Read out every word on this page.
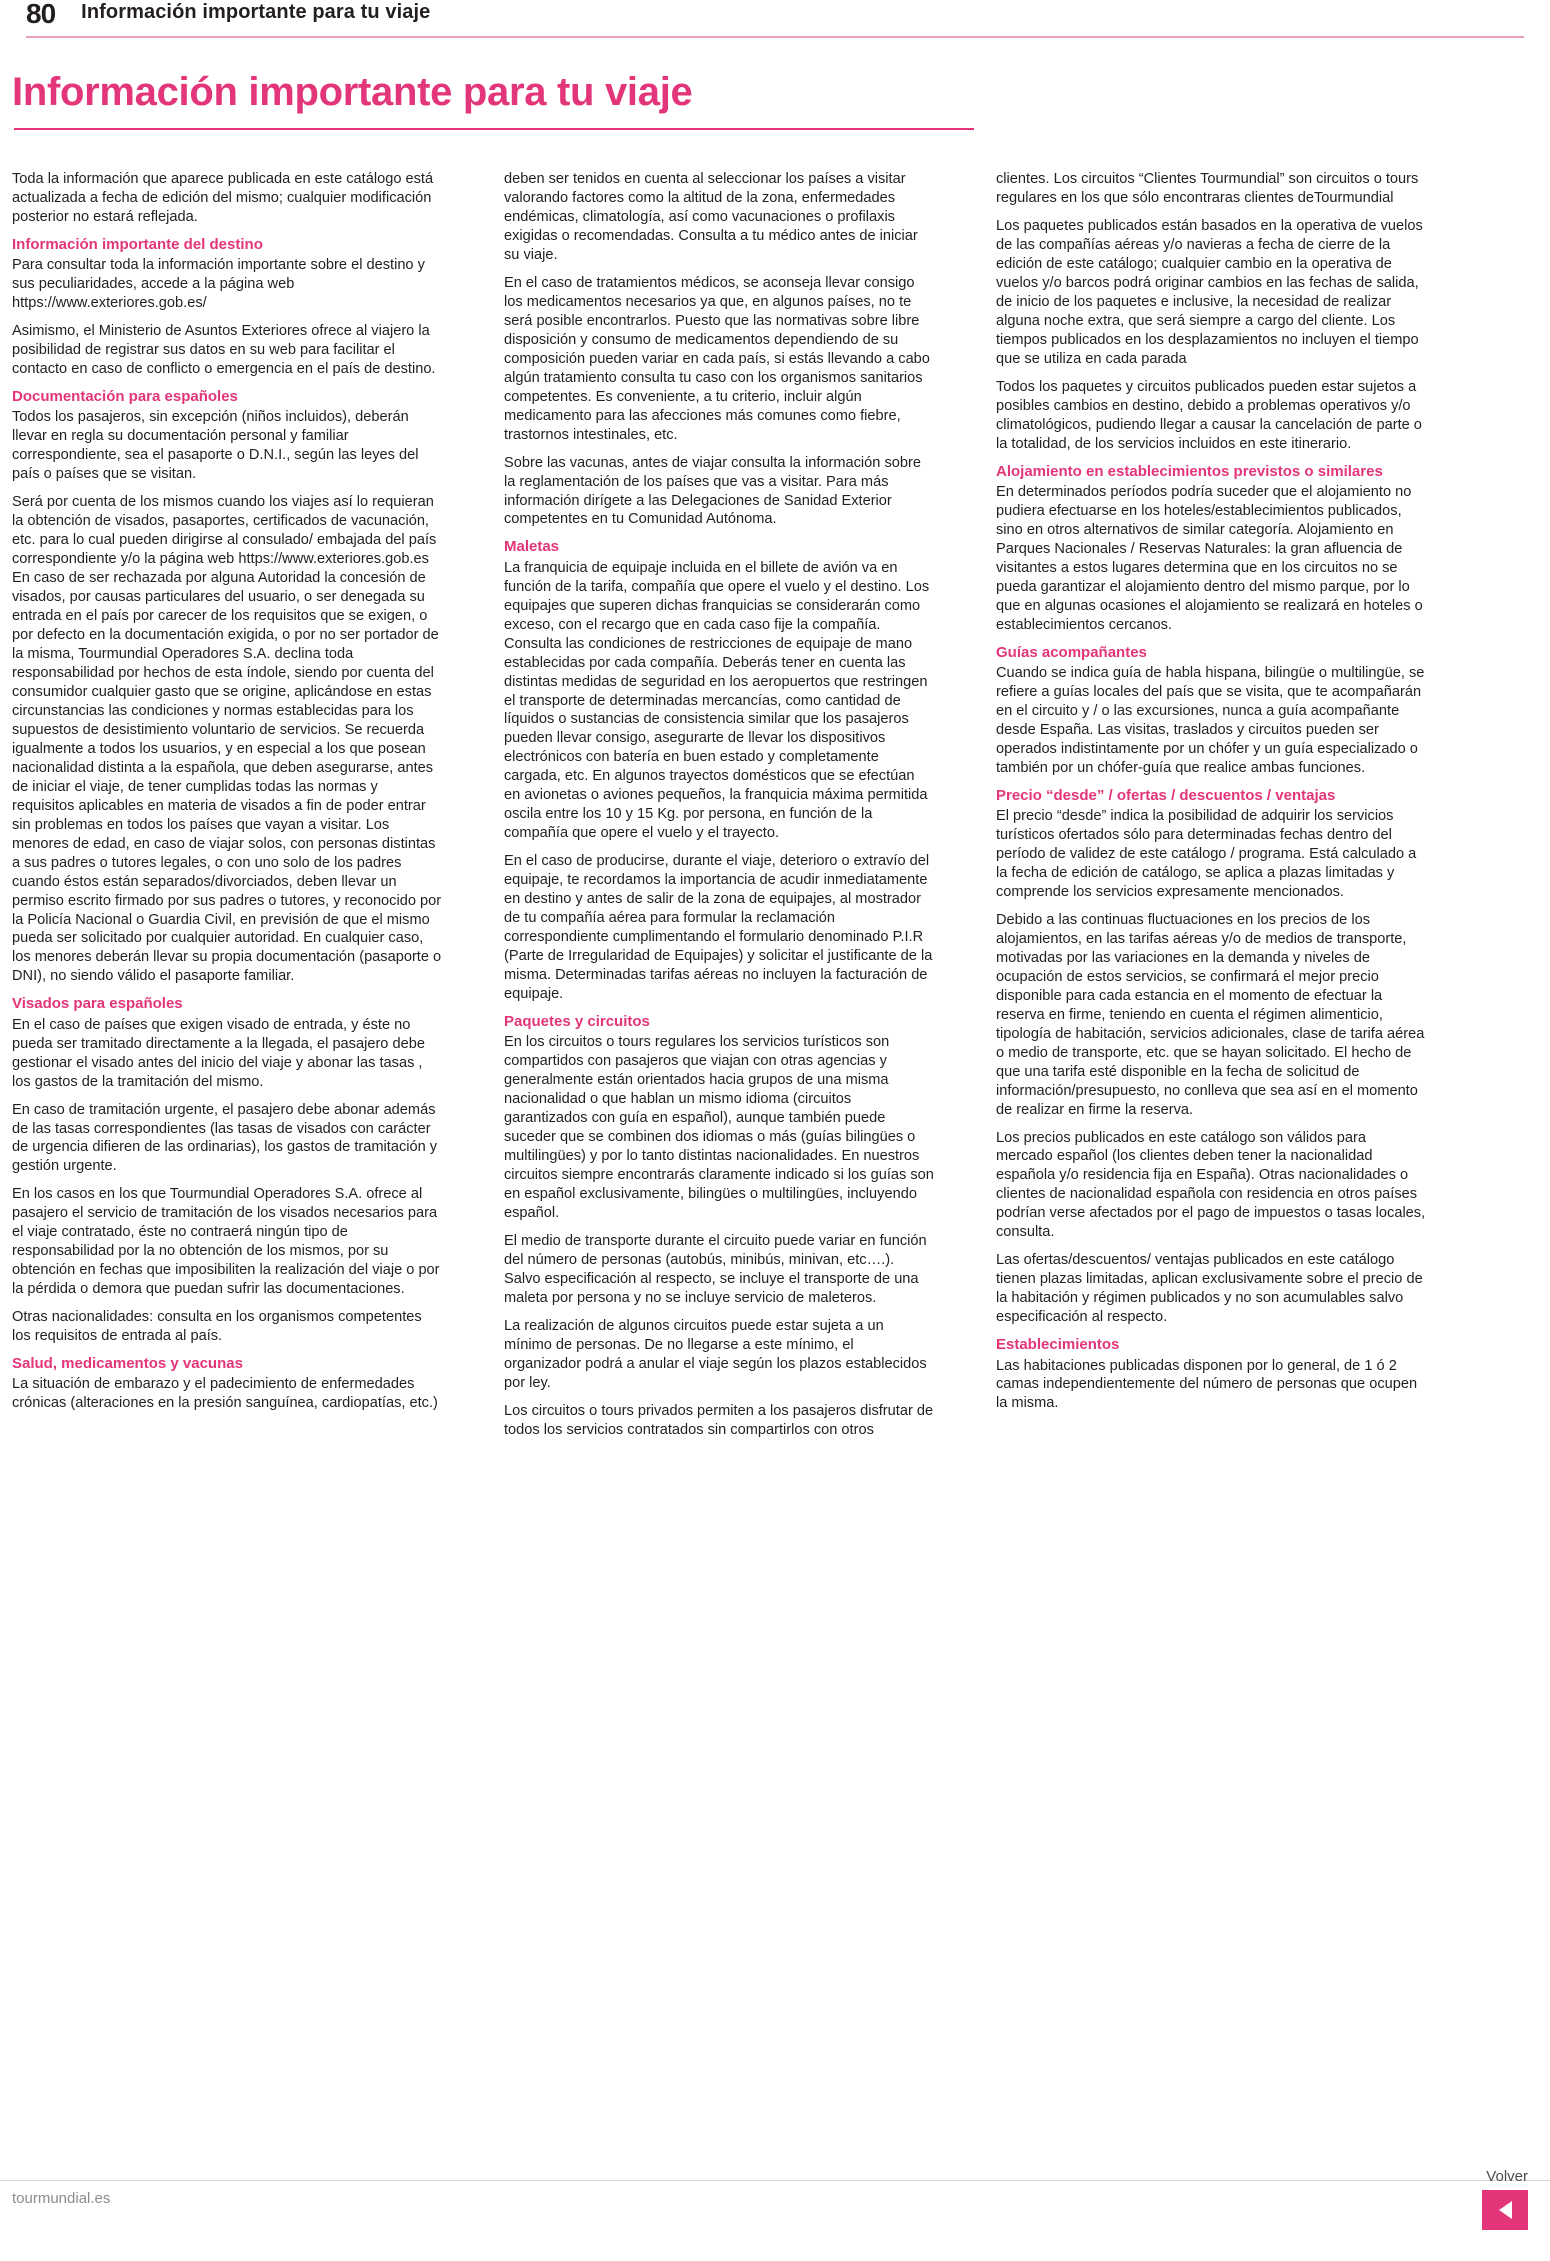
80 Información importante para tu viaje
Información importante para tu viaje

Toda la información que aparece publicada en este catálogo está actualizada a fecha de edición del mismo; cualquier modificación posterior no estará reflejada.

Información importante del destino

Para consultar toda la información importante sobre el destino y sus peculiaridades, accede a la página web https://www.exteriores.gob.es/

Asimismo, el Ministerio de Asuntos Exteriores ofrece al viajero la posibilidad de registrar sus datos en su web para facilitar el contacto en caso de conflicto o emergencia en el país de destino.

Documentación para españoles

Todos los pasajeros, sin excepción (niños incluidos), deberán llevar en regla su documentación personal y familiar correspondiente, sea el pasaporte o D.N.I., según las leyes del país o países que se visitan.

Será por cuenta de los mismos cuando los viajes así lo requieran la obtención de visados, pasaportes, certificados de vacunación, etc. para lo cual pueden dirigirse al consulado/ embajada del país correspondiente y/o la página web https://www.exteriores.gob.es En caso de ser rechazada por alguna Autoridad la concesión de visados, por causas particulares del usuario, o ser denegada su entrada en el país por carecer de los requisitos que se exigen, o por defecto en la documentación exigida, o por no ser portador de la misma, Tourmundial Operadores S.A. declina toda responsabilidad por hechos de esta índole, siendo por cuenta del consumidor cualquier gasto que se origine, aplicándose en estas circunstancias las condiciones y normas establecidas para los supuestos de desistimiento voluntario de servicios. Se recuerda igualmente a todos los usuarios, y en especial a los que posean nacionalidad distinta a la española, que deben asegurarse, antes de iniciar el viaje, de tener cumplidas todas las normas y requisitos aplicables en materia de visados a fin de poder entrar sin problemas en todos los países que vayan a visitar. Los menores de edad, en caso de viajar solos, con personas distintas a sus padres o tutores legales, o con uno solo de los padres cuando éstos están separados/divorciados, deben llevar un permiso escrito firmado por sus padres o tutores, y reconocido por la Policía Nacional o Guardia Civil, en previsión de que el mismo pueda ser solicitado por cualquier autoridad. En cualquier caso, los menores deberán llevar su propia documentación (pasaporte o DNI), no siendo válido el pasaporte familiar.

Visados para españoles

En el caso de países que exigen visado de entrada, y éste no pueda ser tramitado directamente a la llegada, el pasajero debe gestionar el visado antes del inicio del viaje y abonar las tasas , los gastos de la tramitación del mismo.

En caso de tramitación urgente, el pasajero debe abonar además de las tasas correspondientes (las tasas de visados con carácter de urgencia difieren de las ordinarias), los gastos de tramitación y gestión urgente.

En los casos en los que Tourmundial Operadores S.A. ofrece al pasajero el servicio de tramitación de los visados necesarios para el viaje contratado, éste no contraerá ningún tipo de responsabilidad por la no obtención de los mismos, por su obtención en fechas que imposibiliten la realización del viaje o por la pérdida o demora que puedan sufrir las documentaciones.

Otras nacionalidades: consulta en los organismos competentes los requisitos de entrada al país.

Salud, medicamentos y vacunas

La situación de embarazo y el padecimiento de enfermedades crónicas (alteraciones en la presión sanguínea, cardiopatías, etc.)

deben ser tenidos en cuenta al seleccionar los países a visitar valorando factores como la altitud de la zona, enfermedades endémicas, climatología, así como vacunaciones o profilaxis exigidas o recomendadas. Consulta a tu médico antes de iniciar su viaje.

En el caso de tratamientos médicos, se aconseja llevar consigo los medicamentos necesarios ya que, en algunos países, no te será posible encontrarlos. Puesto que las normativas sobre libre disposición y consumo de medicamentos dependiendo de su composición pueden variar en cada país, si estás llevando a cabo algún tratamiento consulta tu caso con los organismos sanitarios competentes. Es conveniente, a tu criterio, incluir algún medicamento para las afecciones más comunes como fiebre, trastornos intestinales, etc.

Sobre las vacunas, antes de viajar consulta la información sobre la reglamentación de los países que vas a visitar. Para más información dirígete a las Delegaciones de Sanidad Exterior competentes en tu Comunidad Autónoma.

Maletas

La franquicia de equipaje incluida en el billete de avión va en función de la tarifa, compañía que opere el vuelo y el destino. Los equipajes que superen dichas franquicias se considerarán como exceso, con el recargo que en cada caso fije la compañía. Consulta las condiciones de restricciones de equipaje de mano establecidas por cada compañía. Deberás tener en cuenta las distintas medidas de seguridad en los aeropuertos que restringen el transporte de determinadas mercancías, como cantidad de líquidos o sustancias de consistencia similar que los pasajeros pueden llevar consigo, asegurarte de llevar los dispositivos electrónicos con batería en buen estado y completamente cargada, etc. En algunos trayectos domésticos que se efectúan en avionetas o aviones pequeños, la franquicia máxima permitida oscila entre los 10 y 15 Kg. por persona, en función de la compañía que opere el vuelo y el trayecto.

En el caso de producirse, durante el viaje, deterioro o extravío del equipaje, te recordamos la importancia de acudir inmediatamente en destino y antes de salir de la zona de equipajes, al mostrador de tu compañía aérea para formular la reclamación correspondiente cumplimentando el formulario denominado P.I.R (Parte de Irregularidad de Equipajes) y solicitar el justificante de la misma. Determinadas tarifas aéreas no incluyen la facturación de equipaje.

Paquetes y circuitos

En los circuitos o tours regulares los servicios turísticos son compartidos con pasajeros que viajan con otras agencias y generalmente están orientados hacia grupos de una misma nacionalidad o que hablan un mismo idioma (circuitos garantizados con guía en español), aunque también puede suceder que se combinen dos idiomas o más (guías bilingües o multilingües) y por lo tanto distintas nacionalidades. En nuestros circuitos siempre encontrarás claramente indicado si los guías son en español exclusivamente, bilingües o multilingües, incluyendo español.

El medio de transporte durante el circuito puede variar en función del número de personas (autobús, minibús, minivan, etc….). Salvo especificación al respecto, se incluye el transporte de una maleta por persona y no se incluye servicio de maleteros.

La realización de algunos circuitos puede estar sujeta a un mínimo de personas. De no llegarse a este mínimo, el organizador podrá a anular el viaje según los plazos establecidos por ley.

Los circuitos o tours privados permiten a los pasajeros disfrutar de todos los servicios contratados sin compartirlos con otros

clientes. Los circuitos “Clientes Tourmundial” son circuitos o tours regulares en los que sólo encontraras clientes deTourmundial

Los paquetes publicados están basados en la operativa de vuelos de las compañías aéreas y/o navieras a fecha de cierre de la edición de este catálogo; cualquier cambio en la operativa de vuelos y/o barcos podrá originar cambios en las fechas de salida, de inicio de los paquetes e inclusive, la necesidad de realizar alguna noche extra, que será siempre a cargo del cliente. Los tiempos publicados en los desplazamientos no incluyen el tiempo que se utiliza en cada parada

Todos los paquetes y circuitos publicados pueden estar sujetos a posibles cambios en destino, debido a problemas operativos y/o climatológicos, pudiendo llegar a causar la cancelación de parte o la totalidad, de los servicios incluidos en este itinerario.

Alojamiento en establecimientos previstos o similares

En determinados períodos podría suceder que el alojamiento no pudiera efectuarse en los hoteles/establecimientos publicados, sino en otros alternativos de similar categoría. Alojamiento en Parques Nacionales / Reservas Naturales: la gran afluencia de visitantes a estos lugares determina que en los circuitos no se pueda garantizar el alojamiento dentro del mismo parque, por lo que en algunas ocasiones el alojamiento se realizará en hoteles o establecimientos cercanos.

Guías acompañantes

Cuando se indica guía de habla hispana, bilingüe o multilingüe, se refiere a guías locales del país que se visita, que te acompañarán en el circuito y / o las excursiones, nunca a guía acompañante desde España. Las visitas, traslados y circuitos pueden ser operados indistintamente por un chófer y un guía especializado o también por un chófer-guía que realice ambas funciones.

Precio “desde” / ofertas / descuentos / ventajas

El precio “desde” indica la posibilidad de adquirir los servicios turísticos ofertados sólo para determinadas fechas dentro del período de validez de este catálogo / programa. Está calculado a la fecha de edición de catálogo, se aplica a plazas limitadas y comprende los servicios expresamente mencionados.

Debido a las continuas fluctuaciones en los precios de los alojamientos, en las tarifas aéreas y/o de medios de transporte, motivadas por las variaciones en la demanda y niveles de ocupación de estos servicios, se confirmará el mejor precio disponible para cada estancia en el momento de efectuar la reserva en firme, teniendo en cuenta el régimen alimenticio, tipología de habitación, servicios adicionales, clase de tarifa aérea o medio de transporte, etc. que se hayan solicitado. El hecho de que una tarifa esté disponible en la fecha de solicitud de información/presupuesto, no conlleva que sea así en el momento de realizar en firme la reserva.

Los precios publicados en este catálogo son válidos para mercado español (los clientes deben tener la nacionalidad española y/o residencia fija en España). Otras nacionalidades o clientes de nacionalidad española con residencia en otros países podrían verse afectados por el pago de impuestos o tasas locales, consulta.

Las ofertas/descuentos/ ventajas publicados en este catálogo tienen plazas limitadas, aplican exclusivamente sobre el precio de la habitación y régimen publicados y no son acumulables salvo especificación al respecto.

Establecimientos

Las habitaciones publicadas disponen por lo general, de 1 ó 2 camas independientemente del número de personas que ocupen la misma.

tourmundial.es
Volver
